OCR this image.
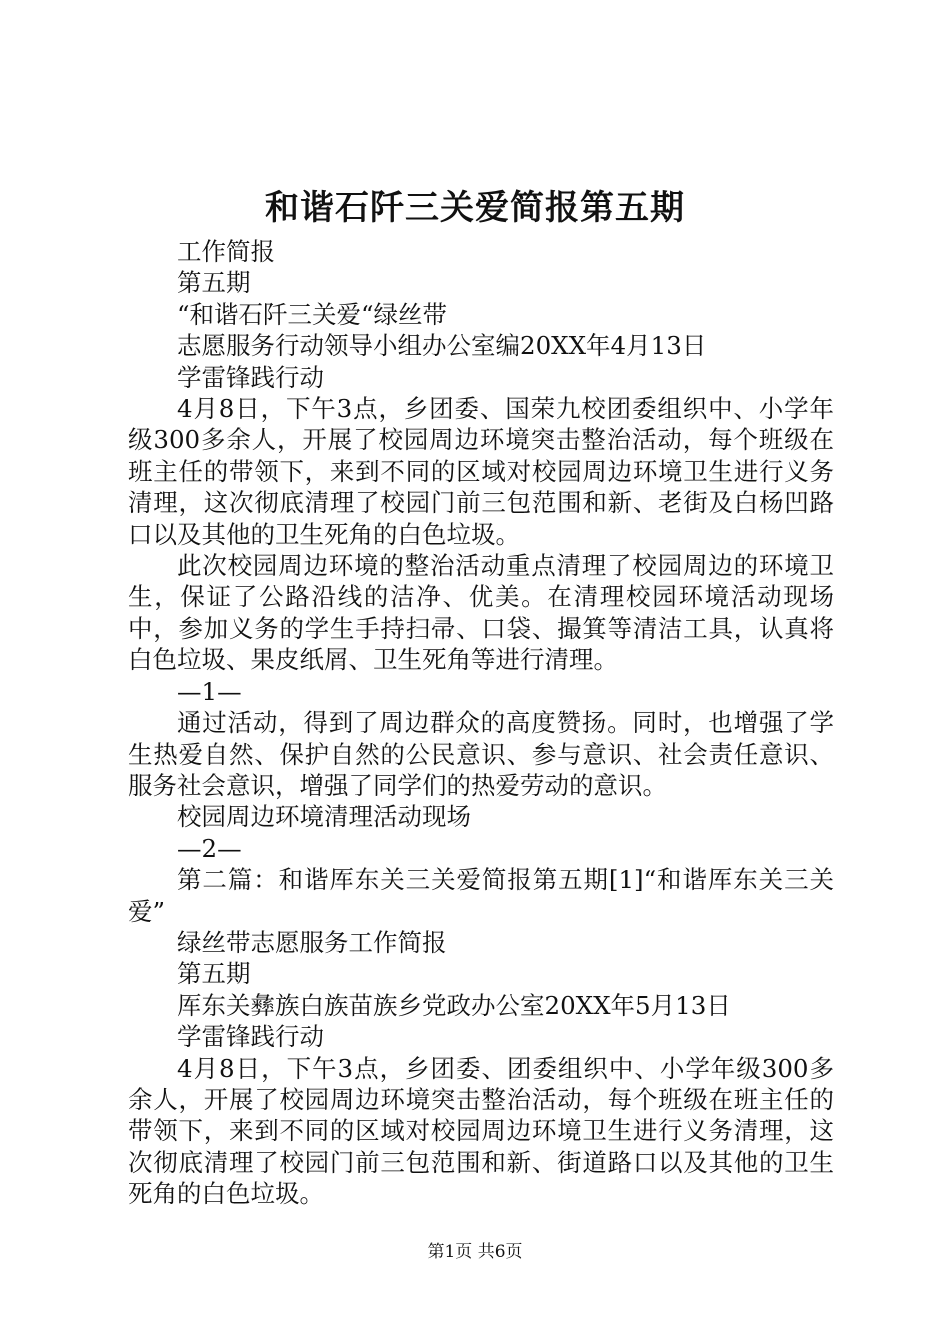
和谐石阡三关爱简报第五期

工作简报

第五期

“和谐石阡三关爱“绿丝带

志愿服务行动领导小组办公室编20XX年4月13日

学雷锋践行动

4月8日，下午3点，乡团委、国荣九校团委组织中、小学年级300多余人，开展了校园周边环境突击整治活动，每个班级在班主任的带领下，来到不同的区域对校园周边环境卫生进行义务清理，这次彻底清理了校园门前三包范围和新、老街及白杨凹路口以及其他的卫生死角的白色垃圾。

此次校园周边环境的整治活动重点清理了校园周边的环境卫生，保证了公路沿线的洁净、优美。在清理校园环境活动现场中，参加义务的学生手持扫帚、口袋、撮箕等清洁工具，认真将白色垃圾、果皮纸屑、卫生死角等进行清理。

—1—

通过活动，得到了周边群众的高度赞扬。同时，也增强了学生热爱自然、保护自然的公民意识、参与意识、社会责任意识、服务社会意识，增强了同学们的热爱劳动的意识。

校园周边环境清理活动现场

—2—

第二篇：和谐厍东关三关爱简报第五期[1]“和谐厍东关三关爱”

绿丝带志愿服务工作简报

第五期

厍东关彝族白族苗族乡党政办公室20XX年5月13日

学雷锋践行动

4月8日，下午3点，乡团委、团委组织中、小学年级300多余人，开展了校园周边环境突击整治活动，每个班级在班主任的带领下，来到不同的区域对校园周边环境卫生进行义务清理，这次彻底清理了校园门前三包范围和新、街道路口以及其他的卫生死角的白色垃圾。

第1页 共6页
